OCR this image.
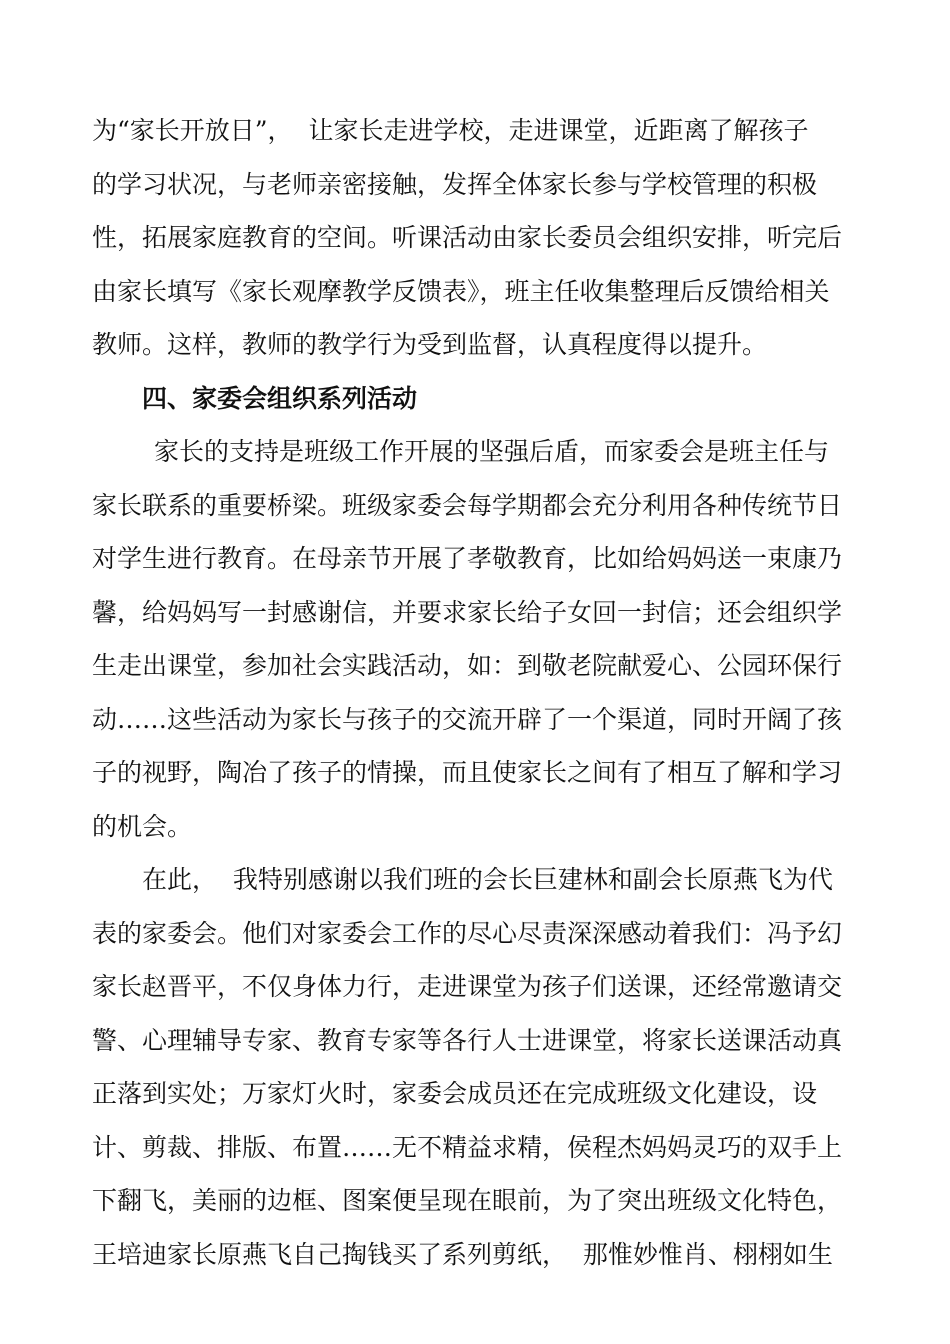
为“家长开放日”，  让家长走进学校，走进课堂，近距离了解孩子
的学习状况，与老师亲密接触，发挥全体家长参与学校管理的积极
性，拓展家庭教育的空间。听课活动由家长委员会组织安排，听完后
由家长填写《家长观摩教学反馈表》，班主任收集整理后反馈给相关
教师。这样，教师的教学行为受到监督，认真程度得以提升。
四、家委会组织系列活动
家长的支持是班级工作开展的坚强后盾，而家委会是班主任与
家长联系的重要桥梁。班级家委会每学期都会充分利用各种传统节日
对学生进行教育。在母亲节开展了孝敬教育，比如给妈妈送一束康乃
馨，给妈妈写一封感谢信，并要求家长给子女回一封信；还会组织学
生走出课堂，参加社会实践活动，如：到敬老院献爱心、公园环保行
动……这些活动为家长与孩子的交流开辟了一个渠道，同时开阔了孩
子的视野，陶冶了孩子的情操，而且使家长之间有了相互了解和学习
的机会。
在此，  我特别感谢以我们班的会长巨建林和副会长原燕飞为代
表的家委会。他们对家委会工作的尽心尽责深深感动着我们：冯予幻
家长赵晋平，不仅身体力行，走进课堂为孩子们送课，还经常邀请交
警、心理辅导专家、教育专家等各行人士进课堂，将家长送课活动真
正落到实处；万家灯火时，家委会成员还在完成班级文化建设，设
计、剪裁、排版、布置……无不精益求精，侯程杰妈妈灵巧的双手上
下翻飞，美丽的边框、图案便呈现在眼前，为了突出班级文化特色，
王培迪家长原燕飞自己掏钱买了系列剪纸，  那惟妙惟肖、栩栩如生
